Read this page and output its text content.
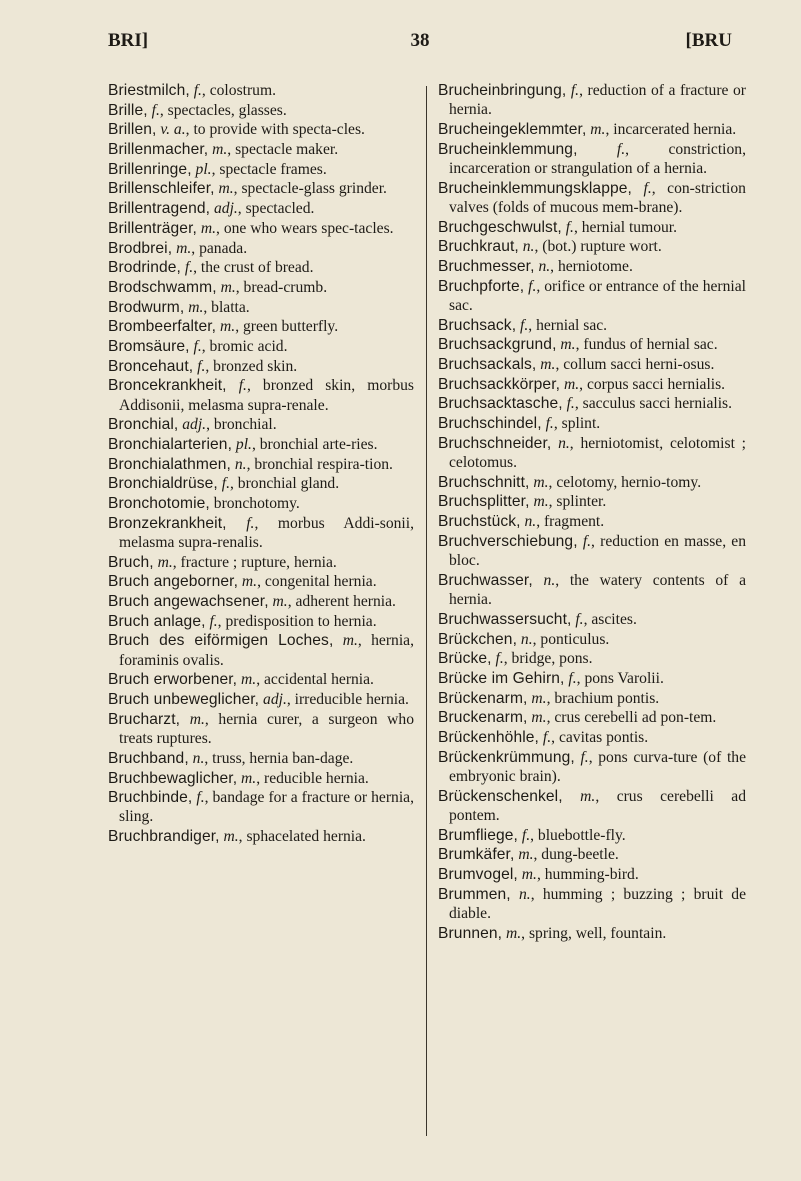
BRI]	38	[BRU

Briestmilch, f., colostrum.

Brille, f., spectacles, glasses.

Brillen, v. a., to provide with specta-cles.

Brillenmacher, m., spectacle maker.

Brillenringe, pl., spectacle frames.

Brillenschleifer, m., spectacle-glass grinder.

Brillentragend, adj., spectacled.

Brillenträger, m., one who wears spec-tacles.

Brodbrei, m., panada.

Brodrinde, f., the crust of bread.

Brodschwamm, m., bread-crumb.

Brodwurm, m., blatta.

Brombeerfalter, m., green butterfly.

Bromsäure, f., bromic acid.

Broncehaut, f., bronzed skin.

Broncekrankheit, f., bronzed skin, morbus Addisonii, melasma supra-renale.

Bronchial, adj., bronchial.

Bronchialarterien, pl., bronchial arte-ries.

Bronchialathmen, n., bronchial respira-tion.

Bronchialdrüse, f., bronchial gland.

Bronchotomie, bronchotomy.

Bronzekrankheit, f., morbus Addi-sonii, melasma supra-renalis.

Bruch, m., fracture ; rupture, hernia.

Bruch angeborner, m., congenital hernia.

Bruch angewachsener, m., adherent hernia.

Bruch anlage, f., predisposition to hernia.

Bruch des eiförmigen Loches, m., hernia, foraminis ovalis.

Bruch erworbener, m., accidental hernia.

Bruch unbeweglicher, adj., irreducible hernia.

Brucharzt, m., hernia curer, a surgeon who treats ruptures.

Bruchband, n., truss, hernia ban-dage.

Bruchbewaglicher, m., reducible hernia.

Bruchbinde, f., bandage for a fracture or hernia, sling.

Bruchbrandiger, m., sphacelated hernia.

Brucheinbringung, f., reduction of a fracture or hernia.

Brucheingeklemmter, m., incarcerated hernia.

Brucheinklemmung,	f., constriction, incarceration or strangulation of a hernia.

Brucheinklemmungsklappe, f., con-striction valves (folds of mucous mem-brane).

Bruchgeschwulst, f., hernial tumour.

Bruchkraut, n., (bot.) rupture wort.

Bruchmesser, n., herniotome.

Bruchpforte, f., orifice or entrance of the hernial sac.

Bruchsack, f., hernial sac.

Bruchsackgrund, m., fundus of hernial sac.

Bruchsackals, m., collum sacci herni-osus.

Bruchsackkörper, m., corpus sacci hernialis.

Bruchsacktasche, f., sacculus sacci hernialis.

Bruchschindel, f., splint.

Bruchschneider, n., herniotomist, celotomist ; celotomus.

Bruchschnitt, m., celotomy, hernio-tomy.

Bruchsplitter, m., splinter.

Bruchstück, n., fragment.

Bruchverschiebung, f., reduction en masse, en bloc.

Bruchwasser, n., the watery contents of a hernia.

Bruchwassersucht, f., ascites.

Brückchen, n., ponticulus.

Brücke, f., bridge, pons.

Brücke im Gehirn, f., pons Varolii.

Brückenarm, m., brachium pontis.

Bruckenarm, m., crus cerebelli ad pon-tem.

Brückenhöhle, f., cavitas pontis.

Brückenkrümmung, f., pons curva-ture (of the embryonic brain).

Brückenschenkel, m., crus cerebelli ad pontem.

Brumfliege, f., bluebottle-fly.

Brumkäfer, m., dung-beetle.

Brumvogel, m., humming-bird.

Brummen, n., humming ; buzzing ; bruit de diable.

Brunnen, m., spring, well, fountain.
